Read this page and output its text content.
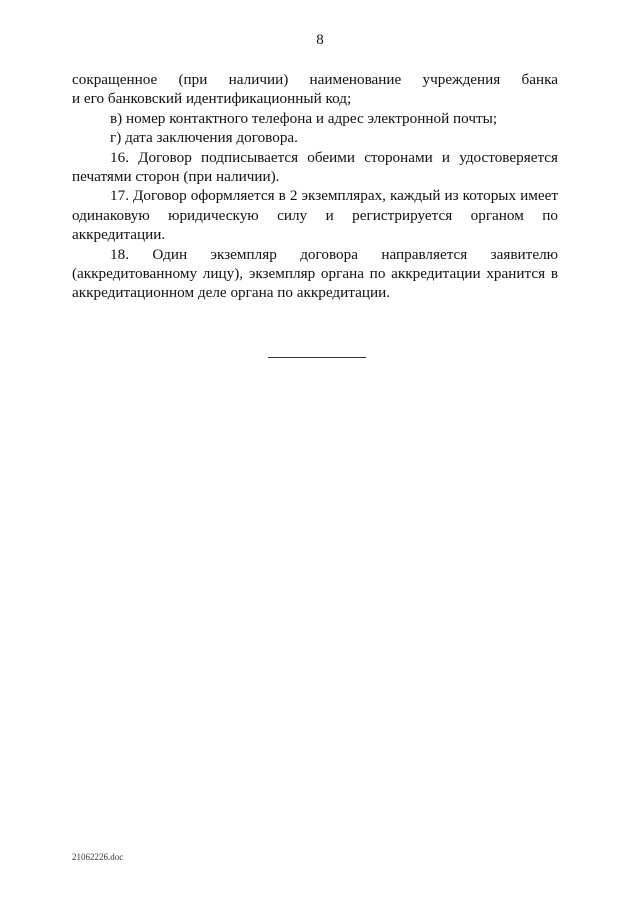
8

сокращенное (при наличии) наименование учреждения банка

и его банковский идентификационный код;

в) номер контактного телефона и адрес электронной почты;

г) дата заключения договора.

16. Договор подписывается обеими сторонами и удостоверяется

печатями сторон (при наличии).

17. Договор оформляется в 2 экземплярах, каждый из которых имеет

одинаковую юридическую силу и регистрируется органом по

аккредитации.

18. Один экземпляр договора направляется заявителю

(аккредитованному лицу), экземпляр органа по аккредитации хранится в

аккредитационном деле органа по аккредитации.

21062226.doc
